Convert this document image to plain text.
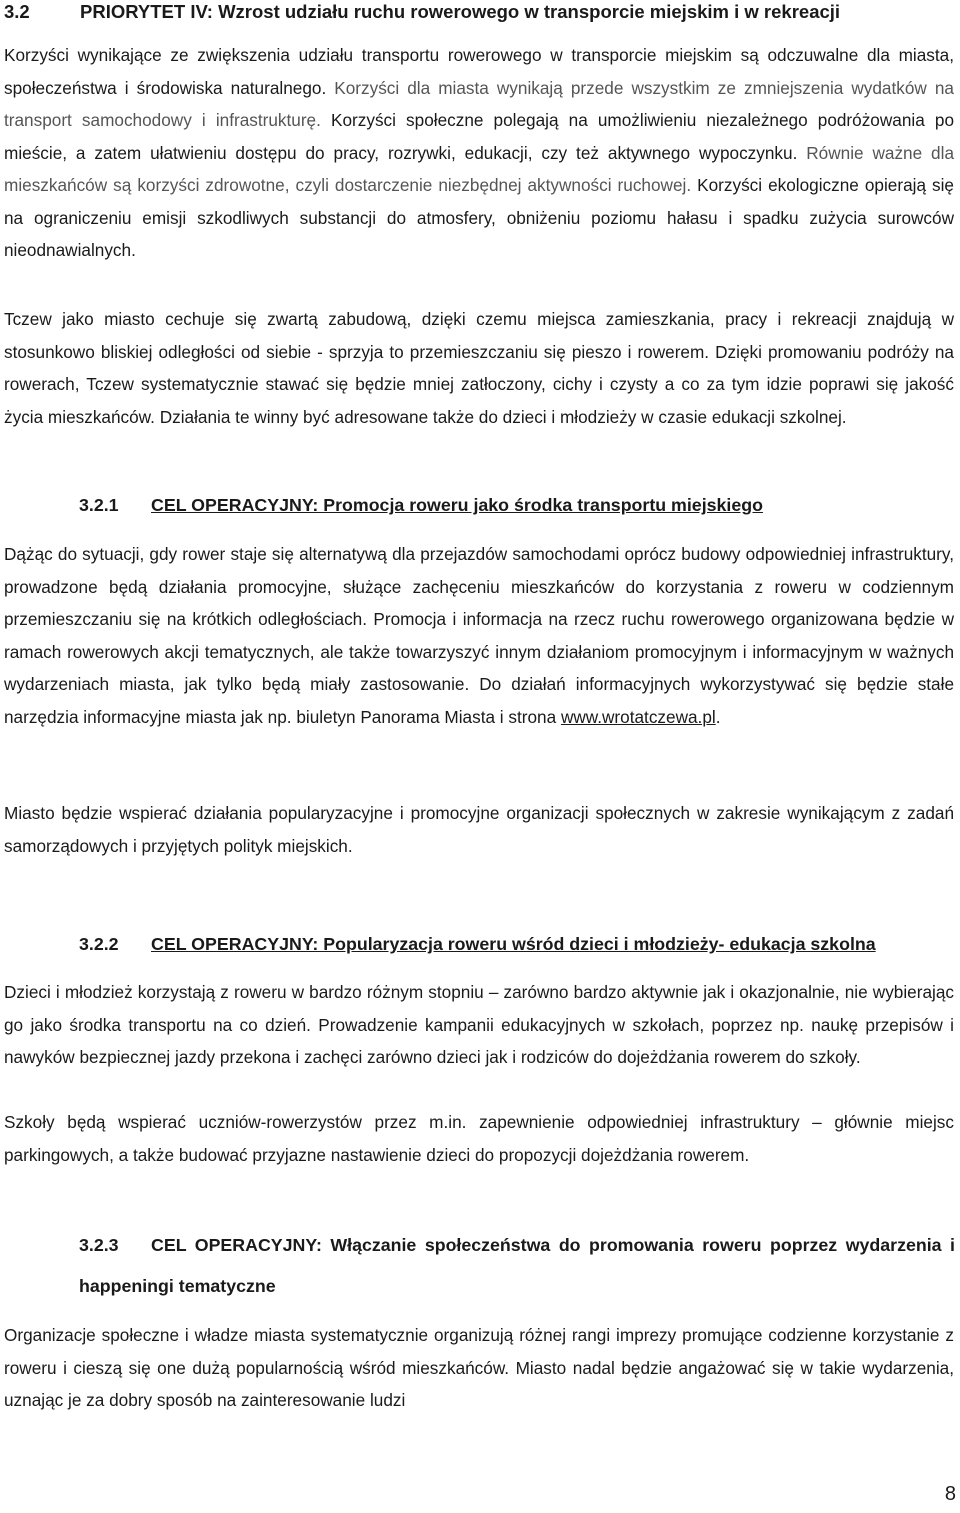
3.2	PRIORYTET IV: Wzrost udziału ruchu rowerowego w transporcie miejskim i w rekreacji

Korzyści wynikające ze zwiększenia udziału transportu rowerowego w transporcie miejskim są odczuwalne dla miasta, społeczeństwa i środowiska naturalnego. Korzyści dla miasta wynikają przede wszystkim ze zmniejszenia wydatków na transport samochodowy i infrastrukturę. Korzyści społeczne polegają na umożliwieniu niezależnego podróżowania po mieście, a zatem ułatwieniu dostępu do pracy, rozrywki, edukacji, czy też aktywnego wypoczynku. Równie ważne dla mieszkańców są korzyści zdrowotne, czyli dostarczenie niezbędnej aktywności ruchowej. Korzyści ekologiczne opierają się na ograniczeniu emisji szkodliwych substancji do atmosfery, obniżeniu poziomu hałasu i spadku zużycia surowców nieodnawialnych.

Tczew jako miasto cechuje się zwartą zabudową, dzięki czemu miejsca zamieszkania, pracy i rekreacji znajdują w stosunkowo bliskiej odległości od siebie - sprzyja to przemieszczaniu się pieszo i rowerem. Dzięki promowaniu podróży na rowerach, Tczew systematycznie stawać się będzie mniej zatłoczony, cichy i czysty a co za tym idzie poprawi się jakość życia mieszkańców. Działania te winny być adresowane także do dzieci i młodzieży w czasie edukacji szkolnej.

3.2.1 CEL OPERACYJNY: Promocja roweru jako środka transportu miejskiego

Dążąc do sytuacji, gdy rower staje się alternatywą dla przejazdów samochodami oprócz budowy odpowiedniej infrastruktury, prowadzone będą działania promocyjne, służące zachęceniu mieszkańców do korzystania z roweru w codziennym przemieszczaniu się na krótkich odległościach. Promocja i informacja na rzecz ruchu rowerowego organizowana będzie w ramach rowerowych akcji tematycznych, ale także towarzyszyć innym działaniom promocyjnym i informacyjnym w ważnych wydarzeniach miasta, jak tylko będą miały zastosowanie. Do działań informacyjnych wykorzystywać się będzie stałe narzędzia informacyjne miasta jak np. biuletyn Panorama Miasta i strona www.wrotatczewa.pl.

Miasto będzie wspierać działania popularyzacyjne i promocyjne organizacji społecznych w zakresie wynikającym z zadań samorządowych i przyjętych polityk miejskich.

3.2.2 CEL OPERACYJNY: Popularyzacja roweru wśród dzieci i młodzieży- edukacja szkolna

Dzieci i młodzież korzystają z roweru w bardzo różnym stopniu – zarówno bardzo aktywnie jak i okazjonalnie, nie wybierając go jako środka transportu na co dzień. Prowadzenie kampanii edukacyjnych w szkołach, poprzez np. naukę przepisów i nawyków bezpiecznej jazdy przekona i zachęci zarówno dzieci jak i rodziców do dojeżdżania rowerem do szkoły.

Szkoły będą wspierać uczniów-rowerzystów przez m.in. zapewnienie odpowiedniej infrastruktury – głównie miejsc parkingowych, a także budować przyjazne nastawienie dzieci do propozycji dojeżdżania rowerem.

3.2.3 CEL OPERACYJNY: Włączanie społeczeństwa do promowania roweru poprzez wydarzenia i happeningi tematyczne

Organizacje społeczne i władze miasta systematycznie organizują różnej rangi imprezy promujące codzienne korzystanie z roweru i cieszą się one dużą popularnością wśród mieszkańców. Miasto nadal będzie angażować się w takie wydarzenia, uznając je za dobry sposób na zainteresowanie ludzi

8
